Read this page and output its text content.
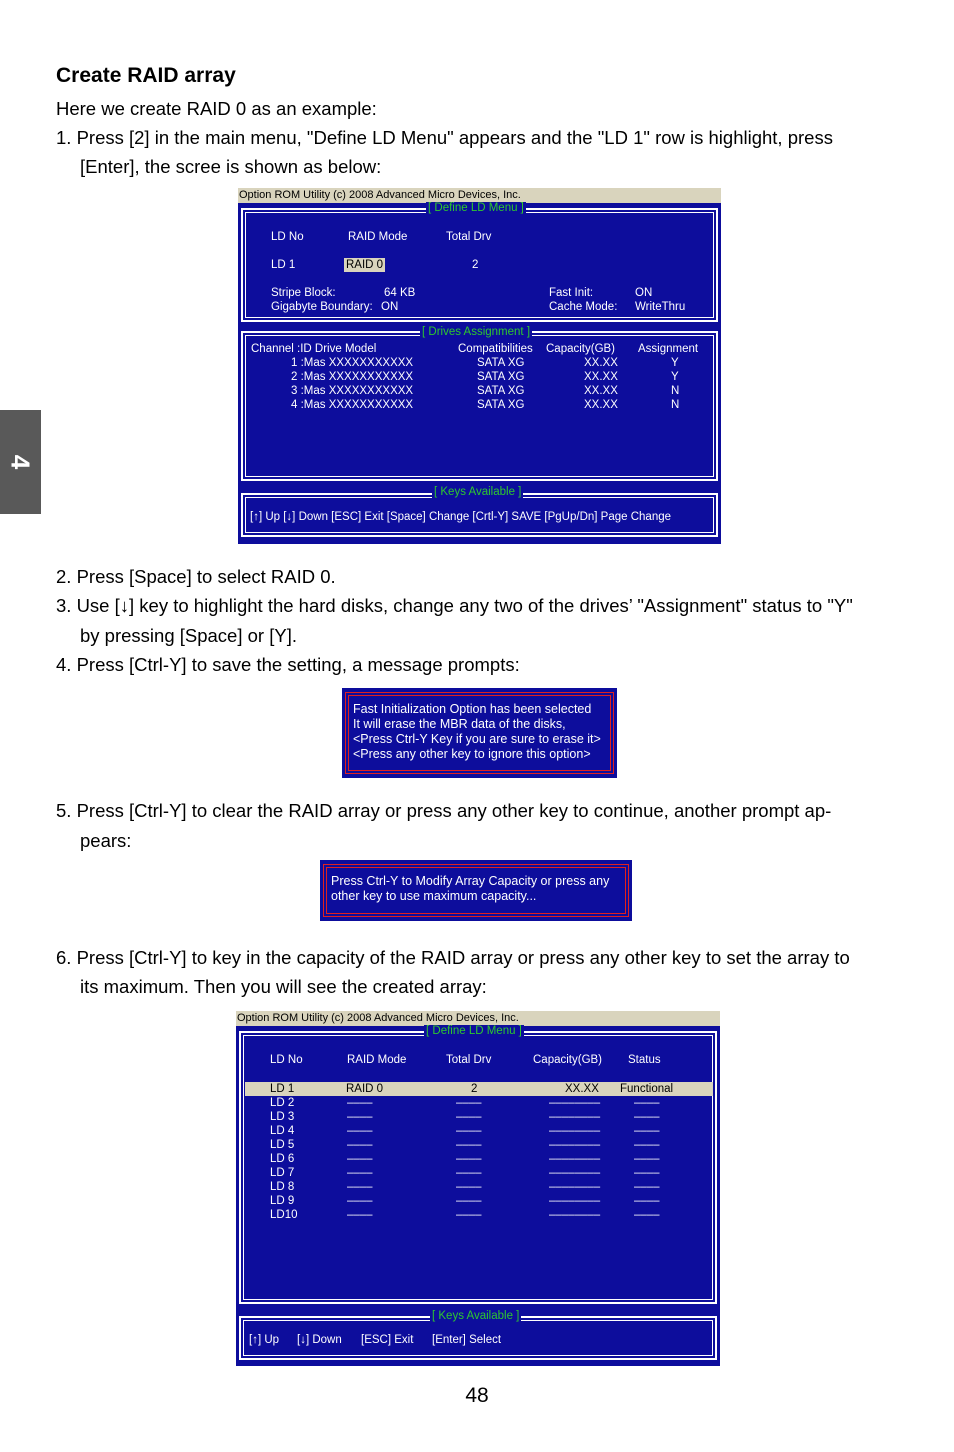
4
Create RAID array
Here we create RAID 0 as an example:
1. Press [2] in the main menu, "Define LD Menu" appears and the "LD 1" row is highlight, press
[Enter], the scree is shown as below:
Option ROM Utility (c) 2008 Advanced Micro Devices, Inc.
[ Define LD Menu ]
LD No	RAID Mode	Total Drv
LD 1	RAID 0	2
Stripe Block:	64 KB
Gigabyte Boundary: ON
Fast Init:	ON
Cache Mode: WriteThru
[ Drives Assignment ]
Channel :ID Drive Model	Compatibilities Capacity(GB) Assignment
1 :Mas XXXXXXXXXXX	SATA XG	XX.XX	Y
2 :Mas XXXXXXXXXXX	SATA XG	XX.XX	Y
3 :Mas XXXXXXXXXXX	SATA XG	XX.XX	N
4 :Mas XXXXXXXXXXX	SATA XG	XX.XX	N
[ Keys Available ]
[↑] Up [↓] Down [ESC] Exit [Space] Change [Crtl-Y] SAVE [PgUp/Dn] Page Change
2. Press [Space] to select RAID 0.
3. Use [↓] key to highlight the hard disks, change any two of the drives’ "Assignment" status to "Y"
by pressing [Space] or [Y].
4. Press [Ctrl-Y] to save the setting, a message prompts:
Fast Initialization Option has been selected
It will erase the MBR data of the disks,
<Press Ctrl-Y Key if you are sure to erase it>
<Press any other key to ignore this option>
5. Press [Ctrl-Y] to clear the RAID array or press any other key to continue, another prompt ap-
pears:
Press Ctrl-Y to Modify Array Capacity or press any
other key to use maximum capacity...
6. Press [Ctrl-Y] to key in the capacity of the RAID array or press any other key to set the array to
its maximum. Then you will see the created array:
Option ROM Utility (c) 2008 Advanced Micro Devices, Inc.
[ Define LD Menu ]
LD No	RAID Mode	Total Drv	Capacity(GB) Status
LD 1	RAID 0	2	XX.XX Functional
LD 2	––––	––––	––––––––	––––
LD 3	––––	––––	––––––––	––––
LD 4	––––	––––	––––––––	––––
LD 5	––––	––––	––––––––	––––
LD 6	––––	––––	––––––––	––––
LD 7	––––	––––	––––––––	––––
LD 8	––––	––––	––––––––	––––
LD 9	––––	––––	––––––––	––––
LD10	––––	––––	––––––––	––––
[ Keys Available ]
[↑] Up [↓] Down [ESC] Exit [Enter] Select
48
